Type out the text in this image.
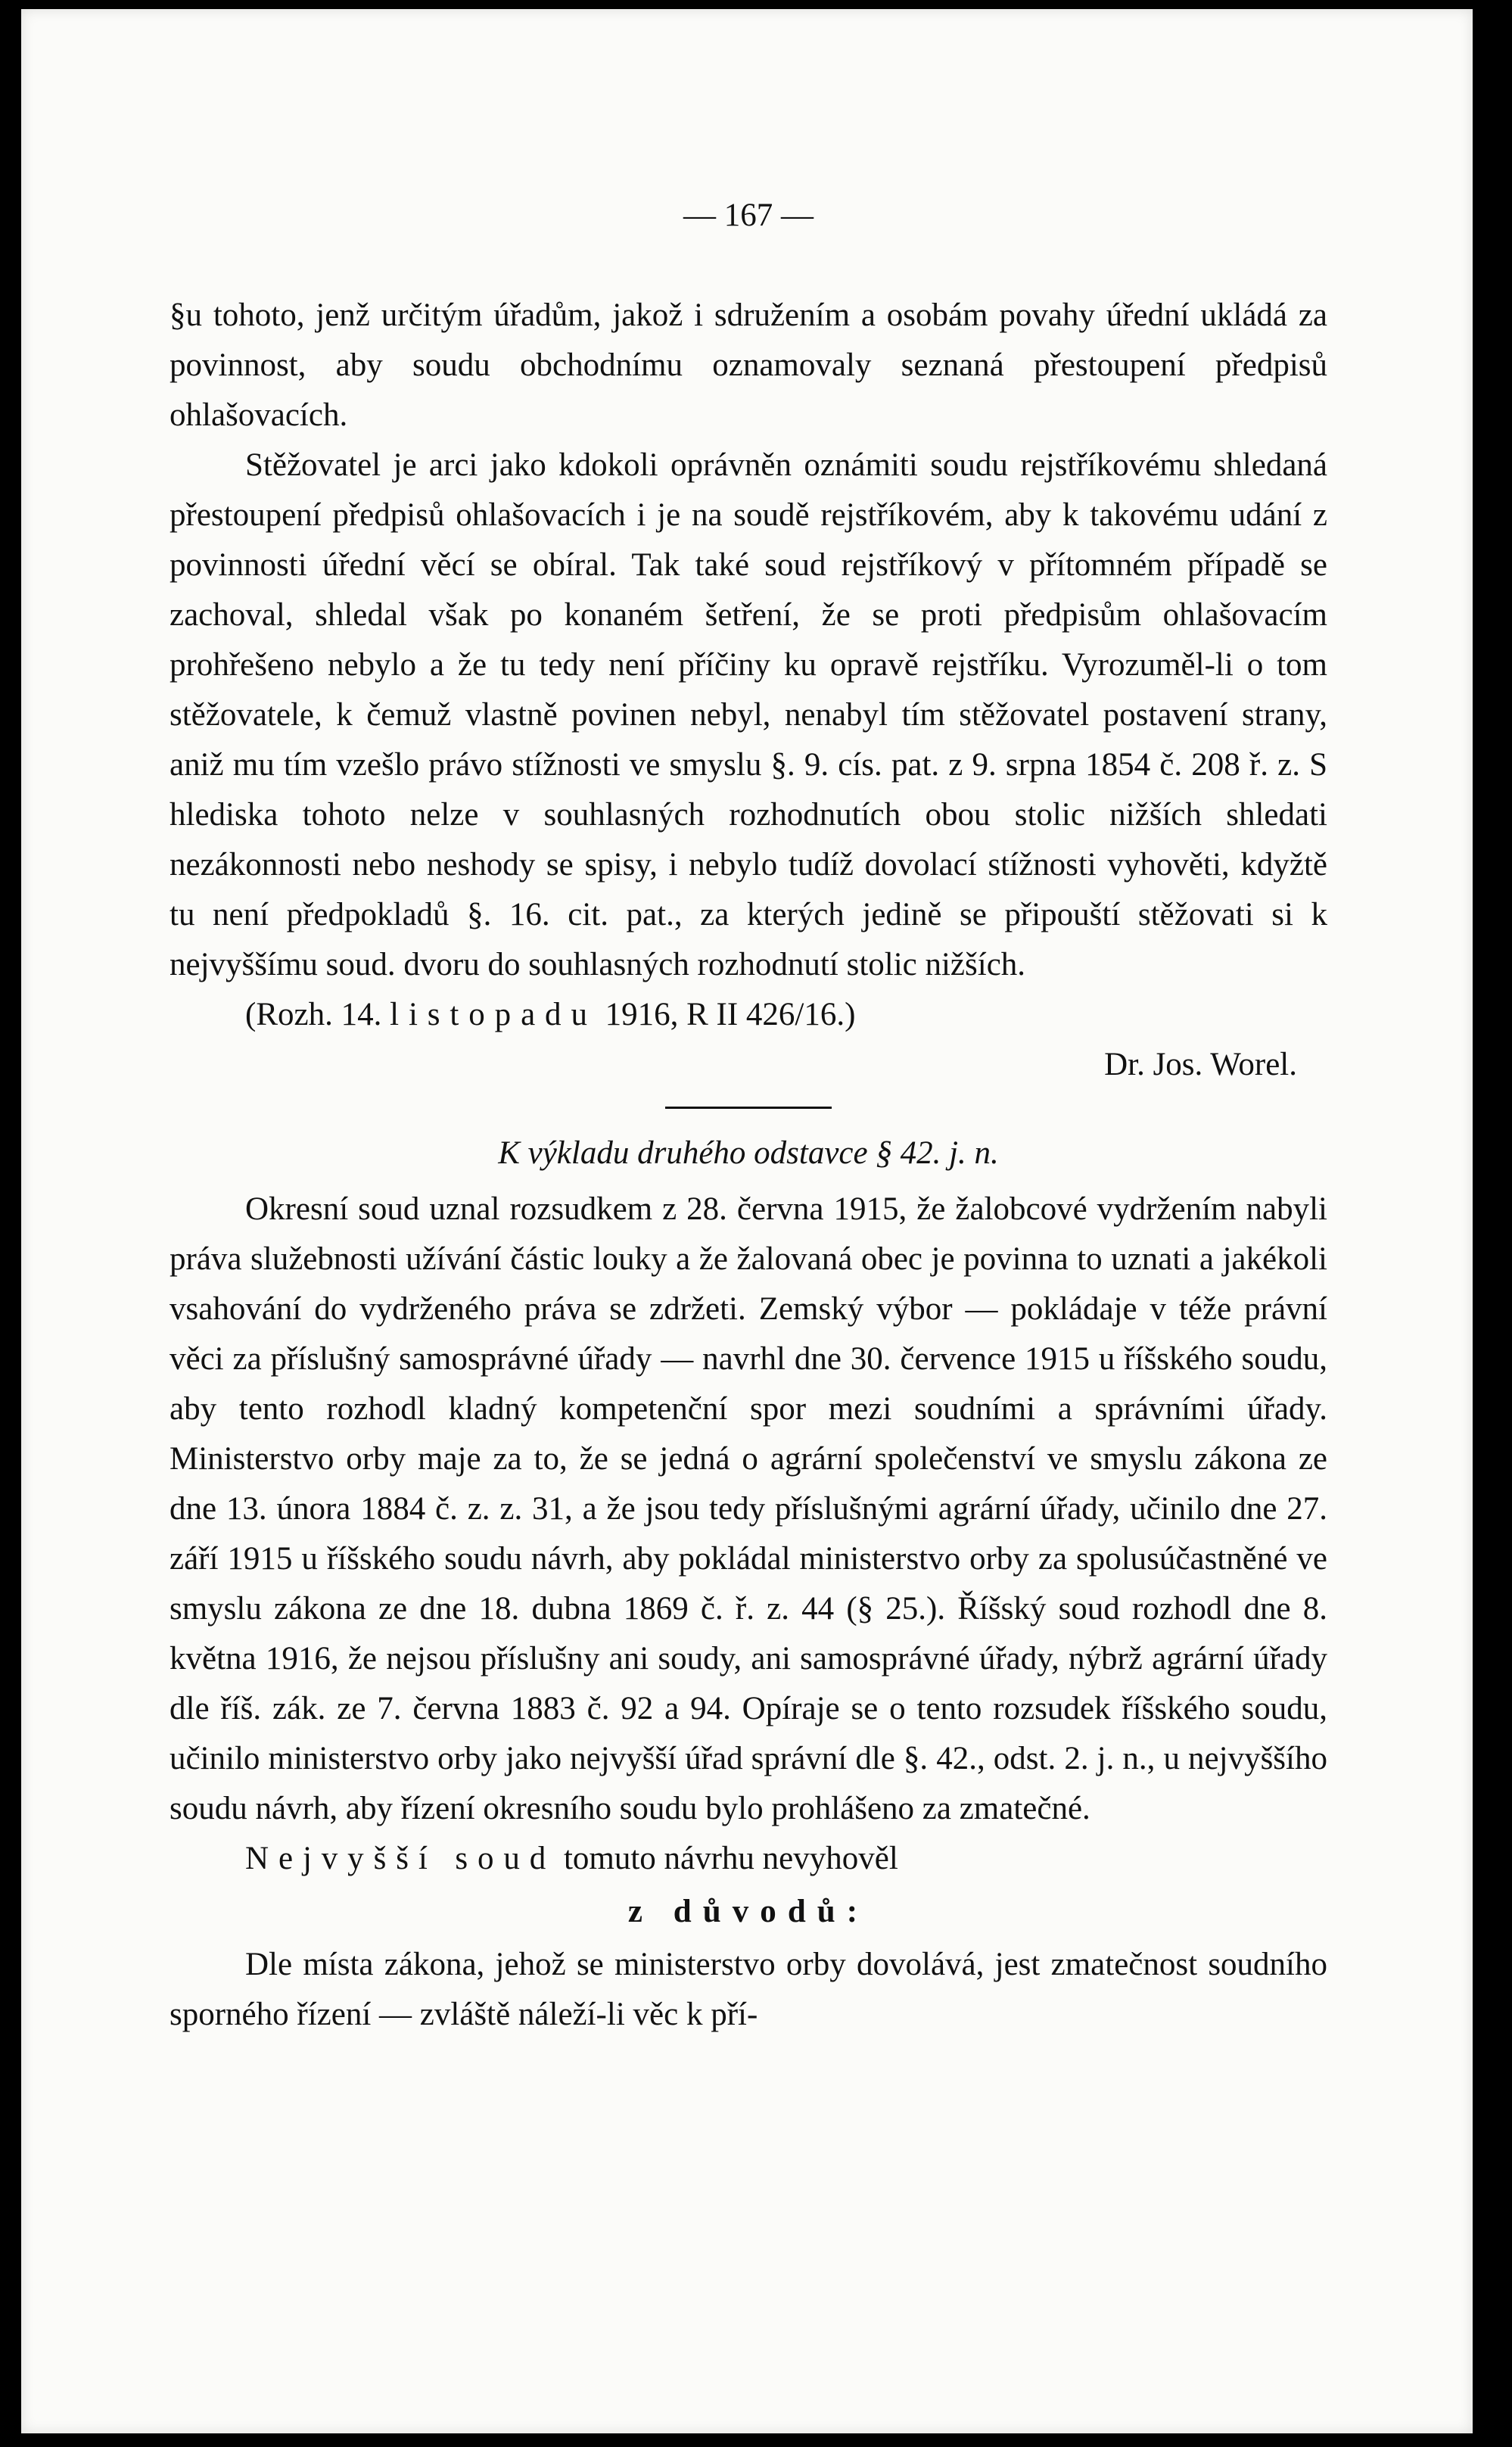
— 167 —

§u tohoto, jenž určitým úřadům, jakož i sdružením a osobám povahy úřední ukládá za povinnost, aby soudu obchodnímu oznamovaly seznaná přestoupení předpisů ohlašovacích.

Stěžovatel je arci jako kdokoli oprávněn oznámiti soudu rejstříkovému shledaná přestoupení předpisů ohlašovacích i je na soudě rejstříkovém, aby k takovému udání z povinnosti úřední věcí se obíral. Tak také soud rejstříkový v přítomném případě se zachoval, shledal však po konaném šetření, že se proti předpisům ohlašovacím prohřešeno nebylo a že tu tedy není příčiny ku opravě rejstříku. Vyrozuměl-li o tom stěžovatele, k čemuž vlastně povinen nebyl, nenabyl tím stěžovatel postavení strany, aniž mu tím vzešlo právo stížnosti ve smyslu §. 9. cís. pat. z 9. srpna 1854 č. 208 ř. z. S hlediska tohoto nelze v souhlasných rozhodnutích obou stolic nižších shledati nezákonnosti nebo neshody se spisy, i nebylo tudíž dovolací stížnosti vyhověti, kdyžtě tu není předpokladů §. 16. cit. pat., za kterých jedině se připouští stěžovati si k nejvyššímu soud. dvoru do souhlasných rozhodnutí stolic nižších.

(Rozh. 14. listopadu 1916, R II 426/16.)

Dr. Jos. Worel.

K výkladu druhého odstavce § 42. j. n.

Okresní soud uznal rozsudkem z 28. června 1915, že žalobcové vydržením nabyli práva služebnosti užívání částic louky a že žalovaná obec je povinna to uznati a jakékoli vsahování do vydrženého práva se zdržeti. Zemský výbor — pokládaje v téže právní věci za příslušný samosprávné úřady — navrhl dne 30. července 1915 u říšského soudu, aby tento rozhodl kladný kompetenční spor mezi soudními a správními úřady. Ministerstvo orby maje za to, že se jedná o agrární společenství ve smyslu zákona ze dne 13. února 1884 č. z. z. 31, a že jsou tedy příslušnými agrární úřady, učinilo dne 27. září 1915 u říšského soudu návrh, aby pokládal ministerstvo orby za spolusúčastněné ve smyslu zákona ze dne 18. dubna 1869 č. ř. z. 44 (§ 25.). Říšský soud rozhodl dne 8. května 1916, že nejsou příslušny ani soudy, ani samosprávné úřady, nýbrž agrární úřady dle říš. zák. ze 7. června 1883 č. 92 a 94. Opíraje se o tento rozsudek říšského soudu, učinilo ministerstvo orby jako nejvyšší úřad správní dle §. 42., odst. 2. j. n., u nejvyššího soudu návrh, aby řízení okresního soudu bylo prohlášeno za zmatečné.

Nejvyšší soud tomuto návrhu nevyhověl

z důvodů:

Dle místa zákona, jehož se ministerstvo orby dovolává, jest zmatečnost soudního sporného řízení — zvláště náleží-li věc k pří-
